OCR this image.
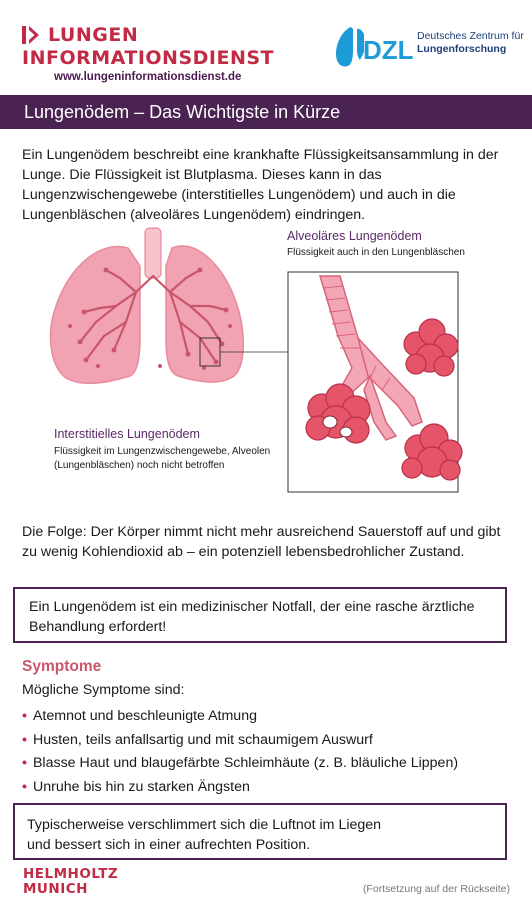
LUNGEN
INFORMATIONSDIENST
www.lungeninformationsdienst.de
DZL Deutsches Zentrum für
Lungenforschung
Lungenödem – Das Wichtigste in Kürze

Ein Lungenödem beschreibt eine krankhafte Flüssigkeitsansammlung in der Lunge. Die Flüssigkeit ist Blutplasma. Dieses kann in das Lungenzwischengewebe (interstitielles Lungenödem) und auch in die Lungenbläschen (alveoläres Lungenödem) eindringen.

Alveoläres Lungenödem
Flüssigkeit auch in den Lungenbläschen
Interstitielles Lungenödem

Flüssigkeit im Lungenzwischengewebe, Alveolen (Lungenbläschen) noch nicht betroffen

Die Folge: Der Körper nimmt nicht mehr ausreichend Sauerstoff auf und gibt zu wenig Kohlendioxid ab – ein potenziell lebensbedrohlicher Zustand.

Ein Lungenödem ist ein medizinischer Notfall, der eine rasche ärztliche Behandlung erfordert!
Symptome

Mögliche Symptome sind:

• Atemnot und beschleunigte Atmung
• Husten, teils anfallsartig und mit schaumigem Auswurf
• Blasse Haut und blaugefärbte Schleimhäute (z. B. bläuliche Lippen)
• Unruhe bis hin zu starken Ängsten
Typischerweise verschlimmert sich die Luftnot im Liegen
und bessert sich in einer aufrechten Position.
HELMHOLTZ
MUNICH	(Fortsetzung auf der Rückseite)
